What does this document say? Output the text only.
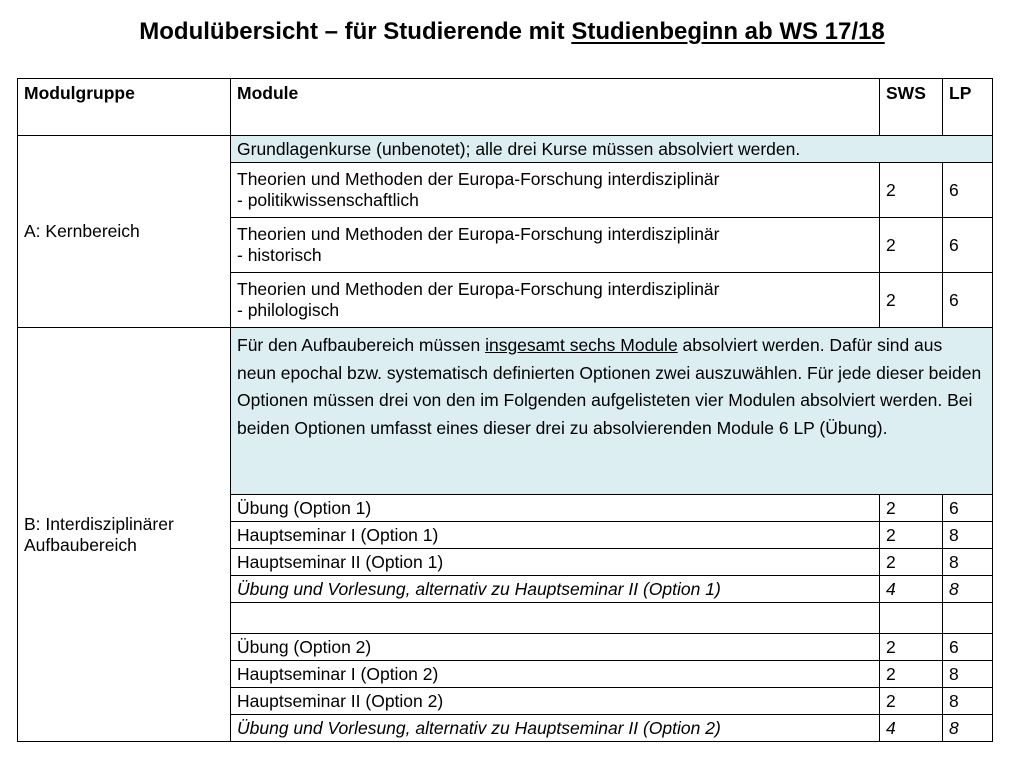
Modulübersicht – für Studierende mit Studienbeginn ab WS 17/18
Modulgruppe	Module	SWS	LP
A: Kernbereich	Grundlagenkurse (unbenotet); alle drei Kurse müssen absolviert werden.		
	Theorien und Methoden der Europa-Forschung interdisziplinär
- politikwissenschaftlich	2	6
	Theorien und Methoden der Europa-Forschung interdisziplinär
- historisch	2	6
	Theorien und Methoden der Europa-Forschung interdisziplinär
- philologisch	2	6
B: Interdisziplinärer
Aufbaubereich	Für den Aufbaubereich müssen insgesamt sechs Module absolviert werden. Dafür sind aus neun epochal bzw. systematisch definierten Optionen zwei auszuwählen. Für jede dieser beiden Optionen müssen drei von den im Folgenden aufgelisteten vier Modulen absolviert werden. Bei beiden Optionen umfasst eines dieser drei zu absolvierenden Module 6 LP (Übung).		
	Übung (Option 1)	2	6
	Hauptseminar I (Option 1)	2	8
	Hauptseminar II (Option 1)	2	8
	Übung und Vorlesung, alternativ zu Hauptseminar II (Option 1)	4	8

	Übung (Option 2)	2	6
	Hauptseminar I (Option 2)	2	8
	Hauptseminar II (Option 2)	2	8
	Übung und Vorlesung, alternativ zu Hauptseminar II (Option 2)	4	8
